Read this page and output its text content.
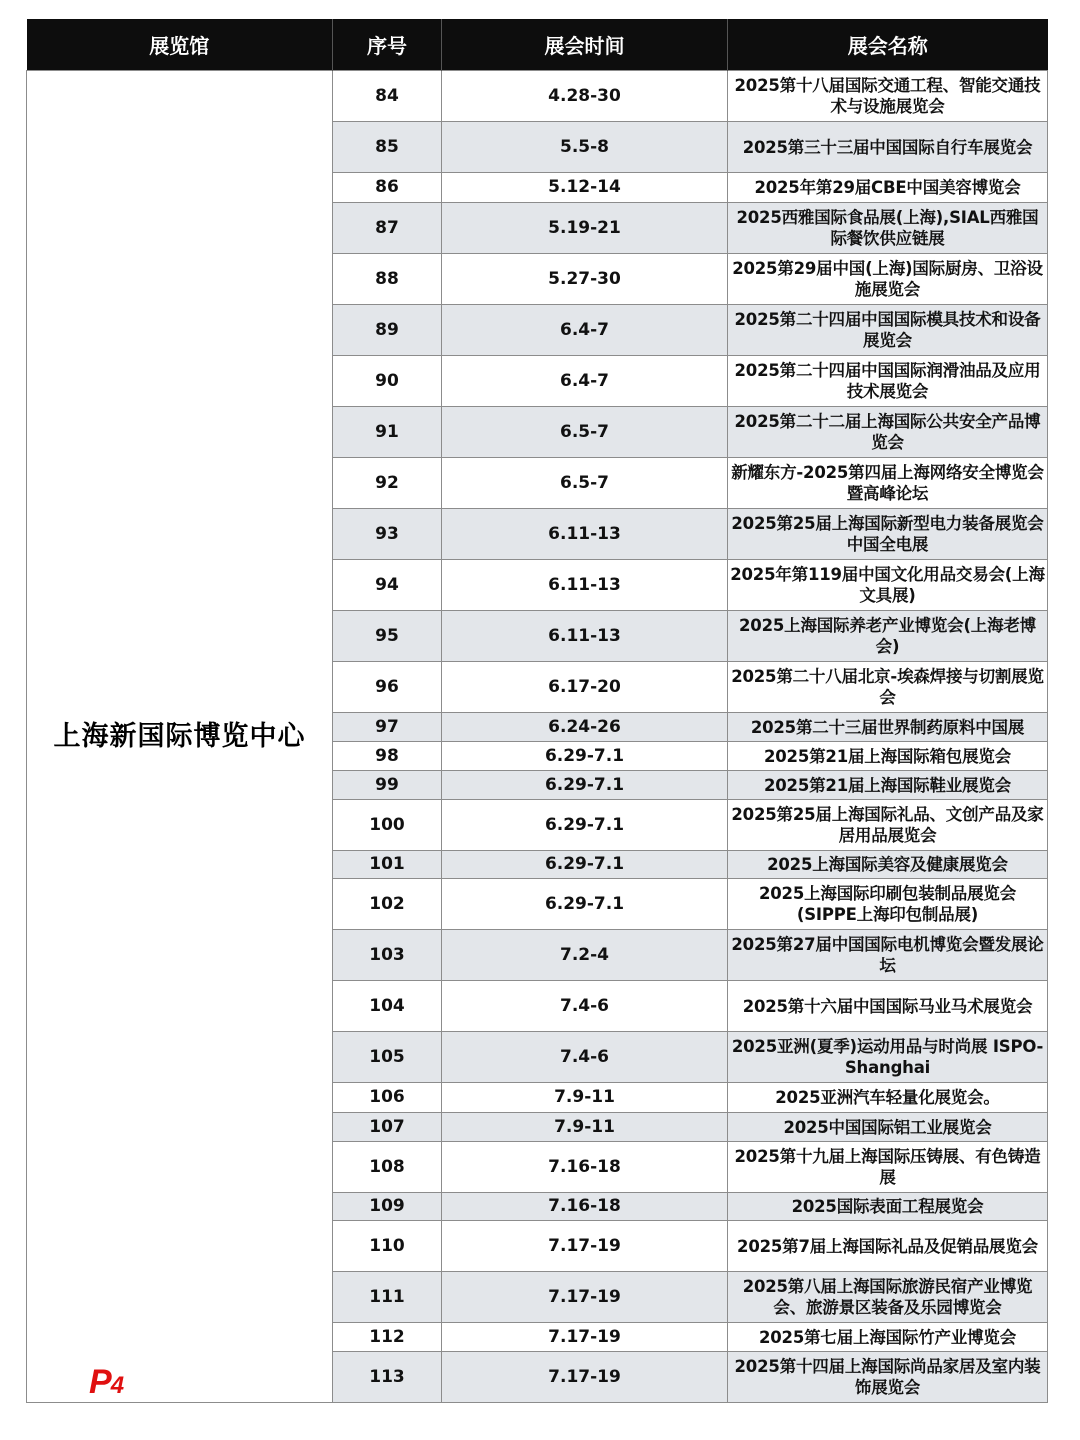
展览馆	序号	展会时间	展会名称
上海新国际博览中心
P4	84	4.28-30	2025第十八届国际交通工程、智能交通技术与设施展览会
	85	5.5-8	2025第三十三届中国国际自行车展览会
	86	5.12-14	2025年第29届CBE中国美容博览会
	87	5.19-21	2025西雅国际食品展(上海),SIAL西雅国际餐饮供应链展
	88	5.27-30	2025第29届中国(上海)国际厨房、卫浴设施展览会
	89	6.4-7	2025第二十四届中国国际模具技术和设备展览会
	90	6.4-7	2025第二十四届中国国际润滑油品及应用技术展览会
	91	6.5-7	2025第二十二届上海国际公共安全产品博览会
	92	6.5-7	新耀东方-2025第四届上海网络安全博览会暨高峰论坛
	93	6.11-13	2025第25届上海国际新型电力装备展览会中国全电展
	94	6.11-13	2025年第119届中国文化用品交易会(上海文具展)
	95	6.11-13	2025上海国际养老产业博览会(上海老博会)
	96	6.17-20	2025第二十八届北京-埃森焊接与切割展览会
	97	6.24-26	2025第二十三届世界制药原料中国展
	98	6.29-7.1	2025第21届上海国际箱包展览会
	99	6.29-7.1	2025第21届上海国际鞋业展览会
	100	6.29-7.1	2025第25届上海国际礼品、文创产品及家居用品展览会
	101	6.29-7.1	2025上海国际美容及健康展览会
	102	6.29-7.1	2025上海国际印刷包装制品展览会(SIPPE上海印包制品展)
	103	7.2-4	2025第27届中国国际电机博览会暨发展论坛
	104	7.4-6	2025第十六届中国国际马业马术展览会
	105	7.4-6	2025亚洲(夏季)运动用品与时尚展 ISPO-Shanghai
	106	7.9-11	2025亚洲汽车轻量化展览会。
	107	7.9-11	2025中国国际铝工业展览会
	108	7.16-18	2025第十九届上海国际压铸展、有色铸造展
	109	7.16-18	2025国际表面工程展览会
	110	7.17-19	2025第7届上海国际礼品及促销品展览会
	111	7.17-19	2025第八届上海国际旅游民宿产业博览会、旅游景区装备及乐园博览会
	112	7.17-19	2025第七届上海国际竹产业博览会
	113	7.17-19	2025第十四届上海国际尚品家居及室内装饰展览会
